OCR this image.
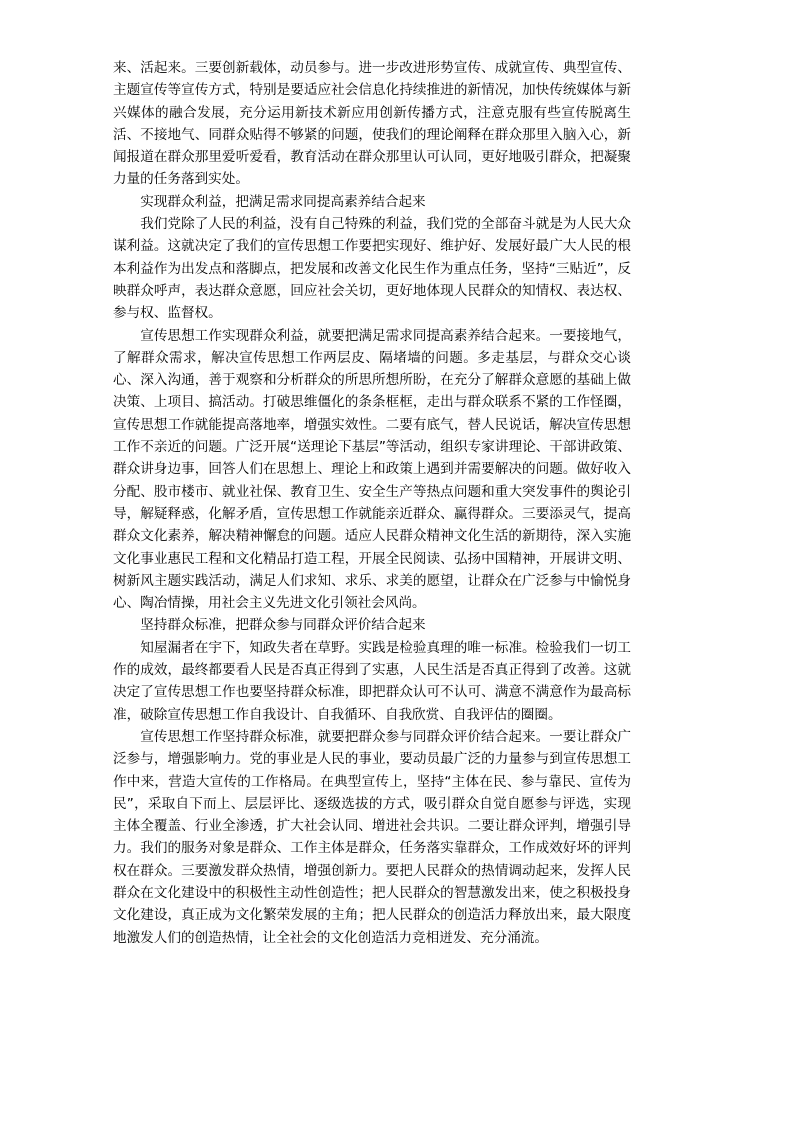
来、活起来。三要创新载体，动员参与。进一步改进形势宣传、成就宣传、典型宣传、主题宣传等宣传方式，特别是要适应社会信息化持续推进的新情况，加快传统媒体与新兴媒体的融合发展，充分运用新技术新应用创新传播方式，注意克服有些宣传脱离生活、不接地气、同群众贴得不够紧的问题，使我们的理论阐释在群众那里入脑入心，新闻报道在群众那里爱听爱看，教育活动在群众那里认可认同，更好地吸引群众，把凝聚力量的任务落到实处。

实现群众利益，把满足需求同提高素养结合起来

我们党除了人民的利益，没有自己特殊的利益，我们党的全部奋斗就是为人民大众谋利益。这就决定了我们的宣传思想工作要把实现好、维护好、发展好最广大人民的根本利益作为出发点和落脚点，把发展和改善文化民生作为重点任务，坚持“三贴近”，反映群众呼声，表达群众意愿，回应社会关切，更好地体现人民群众的知情权、表达权、参与权、监督权。

宣传思想工作实现群众利益，就要把满足需求同提高素养结合起来。一要接地气，了解群众需求，解决宣传思想工作两层皮、隔堵墙的问题。多走基层，与群众交心谈心、深入沟通，善于观察和分析群众的所思所想所盼，在充分了解群众意愿的基础上做决策、上项目、搞活动。打破思维僵化的条条框框，走出与群众联系不紧的工作怪圈，宣传思想工作就能提高落地率，增强实效性。二要有底气，替人民说话，解决宣传思想工作不亲近的问题。广泛开展“送理论下基层”等活动，组织专家讲理论、干部讲政策、群众讲身边事，回答人们在思想上、理论上和政策上遇到并需要解决的问题。做好收入分配、股市楼市、就业社保、教育卫生、安全生产等热点问题和重大突发事件的舆论引导，解疑释惑，化解矛盾，宣传思想工作就能亲近群众、赢得群众。三要添灵气，提高群众文化素养，解决精神懈怠的问题。适应人民群众精神文化生活的新期待，深入实施文化事业惠民工程和文化精品打造工程，开展全民阅读、弘扬中国精神，开展讲文明、树新风主题实践活动，满足人们求知、求乐、求美的愿望，让群众在广泛参与中愉悦身心、陶冶情操，用社会主义先进文化引领社会风尚。

坚持群众标准，把群众参与同群众评价结合起来

知屋漏者在宇下，知政失者在草野。实践是检验真理的唯一标准。检验我们一切工作的成效，最终都要看人民是否真正得到了实惠，人民生活是否真正得到了改善。这就决定了宣传思想工作也要坚持群众标准，即把群众认可不认可、满意不满意作为最高标准，破除宣传思想工作自我设计、自我循环、自我欣赏、自我评估的圈圈。

宣传思想工作坚持群众标准，就要把群众参与同群众评价结合起来。一要让群众广泛参与，增强影响力。党的事业是人民的事业，要动员最广泛的力量参与到宣传思想工作中来，营造大宣传的工作格局。在典型宣传上，坚持“主体在民、参与靠民、宣传为民”，采取自下而上、层层评比、逐级选拔的方式，吸引群众自觉自愿参与评选，实现主体全覆盖、行业全渗透，扩大社会认同、增进社会共识。二要让群众评判，增强引导力。我们的服务对象是群众、工作主体是群众，任务落实靠群众，工作成效好坏的评判权在群众。三要激发群众热情，增强创新力。要把人民群众的热情调动起来，发挥人民群众在文化建设中的积极性主动性创造性；把人民群众的智慧激发出来，使之积极投身文化建设，真正成为文化繁荣发展的主角；把人民群众的创造活力释放出来，最大限度地激发人们的创造热情，让全社会的文化创造活力竞相迸发、充分涌流。
